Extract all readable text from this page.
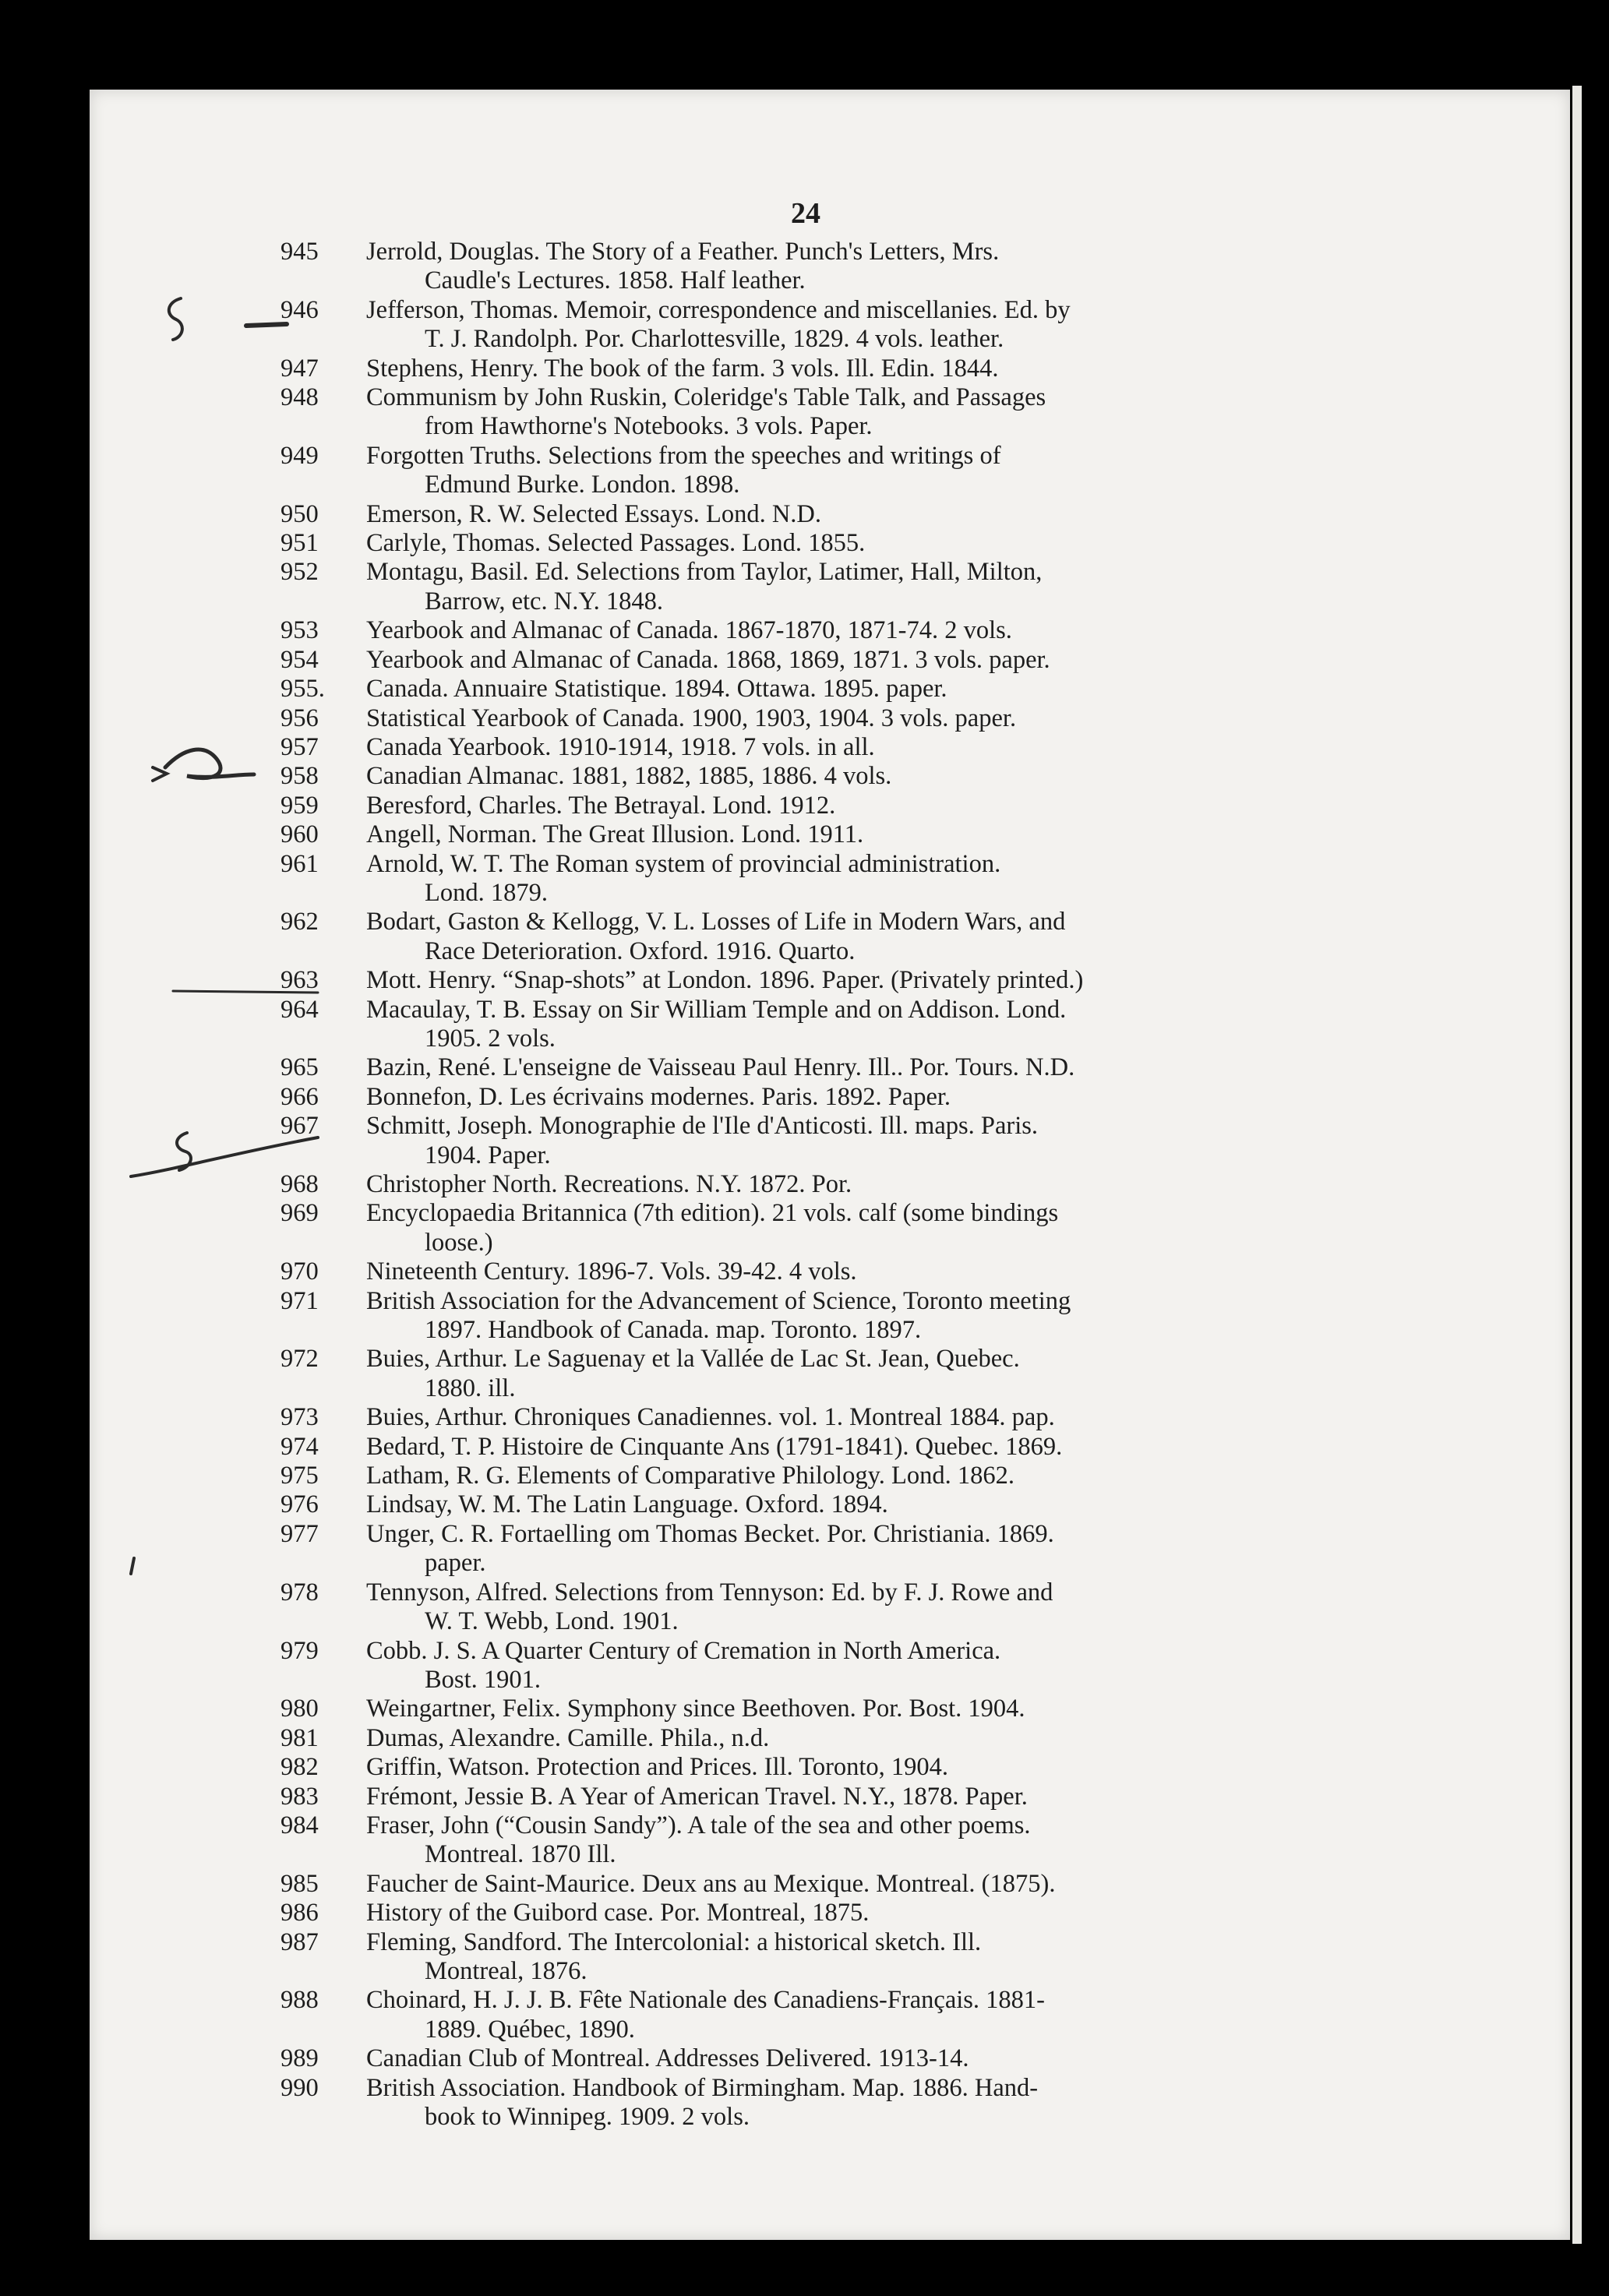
24
945	Jerrold, Douglas. The Story of a Feather. Punch's Letters, Mrs.
Caudle's Lectures. 1858. Half leather.
946	Jefferson, Thomas. Memoir, correspondence and miscellanies. Ed. by
T. J. Randolph. Por. Charlottesville, 1829. 4 vols. leather.
947	Stephens, Henry. The book of the farm. 3 vols. Ill. Edin. 1844.
948	Communism by John Ruskin, Coleridge's Table Talk, and Passages
from Hawthorne's Notebooks. 3 vols. Paper.
949	Forgotten Truths. Selections from the speeches and writings of
Edmund Burke. London. 1898.
950	Emerson, R. W. Selected Essays. Lond. N.D.
951	Carlyle, Thomas. Selected Passages. Lond. 1855.
952	Montagu, Basil. Ed. Selections from Taylor, Latimer, Hall, Milton,
Barrow, etc. N.Y. 1848.
953	Yearbook and Almanac of Canada. 1867-1870, 1871-74. 2 vols.
954	Yearbook and Almanac of Canada. 1868, 1869, 1871. 3 vols. paper.
955.	Canada. Annuaire Statistique. 1894. Ottawa. 1895. paper.
956	Statistical Yearbook of Canada. 1900, 1903, 1904. 3 vols. paper.
957	Canada Yearbook. 1910-1914, 1918. 7 vols. in all.
958	Canadian Almanac. 1881, 1882, 1885, 1886. 4 vols.
959	Beresford, Charles. The Betrayal. Lond. 1912.
960	Angell, Norman. The Great Illusion. Lond. 1911.
961	Arnold, W. T. The Roman system of provincial administration.
Lond. 1879.
962	Bodart, Gaston & Kellogg, V. L. Losses of Life in Modern Wars, and
Race Deterioration. Oxford. 1916. Quarto.
963	Mott. Henry. “Snap-shots” at London. 1896. Paper. (Privately printed.)
964	Macaulay, T. B. Essay on Sir William Temple and on Addison. Lond.
1905. 2 vols.
965	Bazin, René. L'enseigne de Vaisseau Paul Henry. Ill.. Por. Tours. N.D.
966	Bonnefon, D. Les écrivains modernes. Paris. 1892. Paper.
967	Schmitt, Joseph. Monographie de l'Ile d'Anticosti. Ill. maps. Paris.
1904. Paper.
968	Christopher North. Recreations. N.Y. 1872. Por.
969	Encyclopaedia Britannica (7th edition). 21 vols. calf (some bindings
loose.)
970	Nineteenth Century. 1896-7. Vols. 39-42. 4 vols.
971	British Association for the Advancement of Science, Toronto meeting
1897. Handbook of Canada. map. Toronto. 1897.
972	Buies, Arthur. Le Saguenay et la Vallée de Lac St. Jean, Quebec.
1880. ill.
973	Buies, Arthur. Chroniques Canadiennes. vol. 1. Montreal 1884. pap.
974	Bedard, T. P. Histoire de Cinquante Ans (1791-1841). Quebec. 1869.
975	Latham, R. G. Elements of Comparative Philology. Lond. 1862.
976	Lindsay, W. M. The Latin Language. Oxford. 1894.
977	Unger, C. R. Fortaelling om Thomas Becket. Por. Christiania. 1869.
paper.
978	Tennyson, Alfred. Selections from Tennyson: Ed. by F. J. Rowe and
W. T. Webb, Lond. 1901.
979	Cobb. J. S. A Quarter Century of Cremation in North America.
Bost. 1901.
980	Weingartner, Felix. Symphony since Beethoven. Por. Bost. 1904.
981	Dumas, Alexandre. Camille. Phila., n.d.
982	Griffin, Watson. Protection and Prices. Ill. Toronto, 1904.
983	Frémont, Jessie B. A Year of American Travel. N.Y., 1878. Paper.
984	Fraser, John (“Cousin Sandy”). A tale of the sea and other poems.
Montreal. 1870 Ill.
985	Faucher de Saint-Maurice. Deux ans au Mexique. Montreal. (1875).
986	History of the Guibord case. Por. Montreal, 1875.
987	Fleming, Sandford. The Intercolonial: a historical sketch. Ill.
Montreal, 1876.
988	Choinard, H. J. J. B. Fête Nationale des Canadiens-Français. 1881-
1889. Québec, 1890.
989	Canadian Club of Montreal. Addresses Delivered. 1913-14.
990	British Association. Handbook of Birmingham. Map. 1886. Hand-
book to Winnipeg. 1909. 2 vols.
